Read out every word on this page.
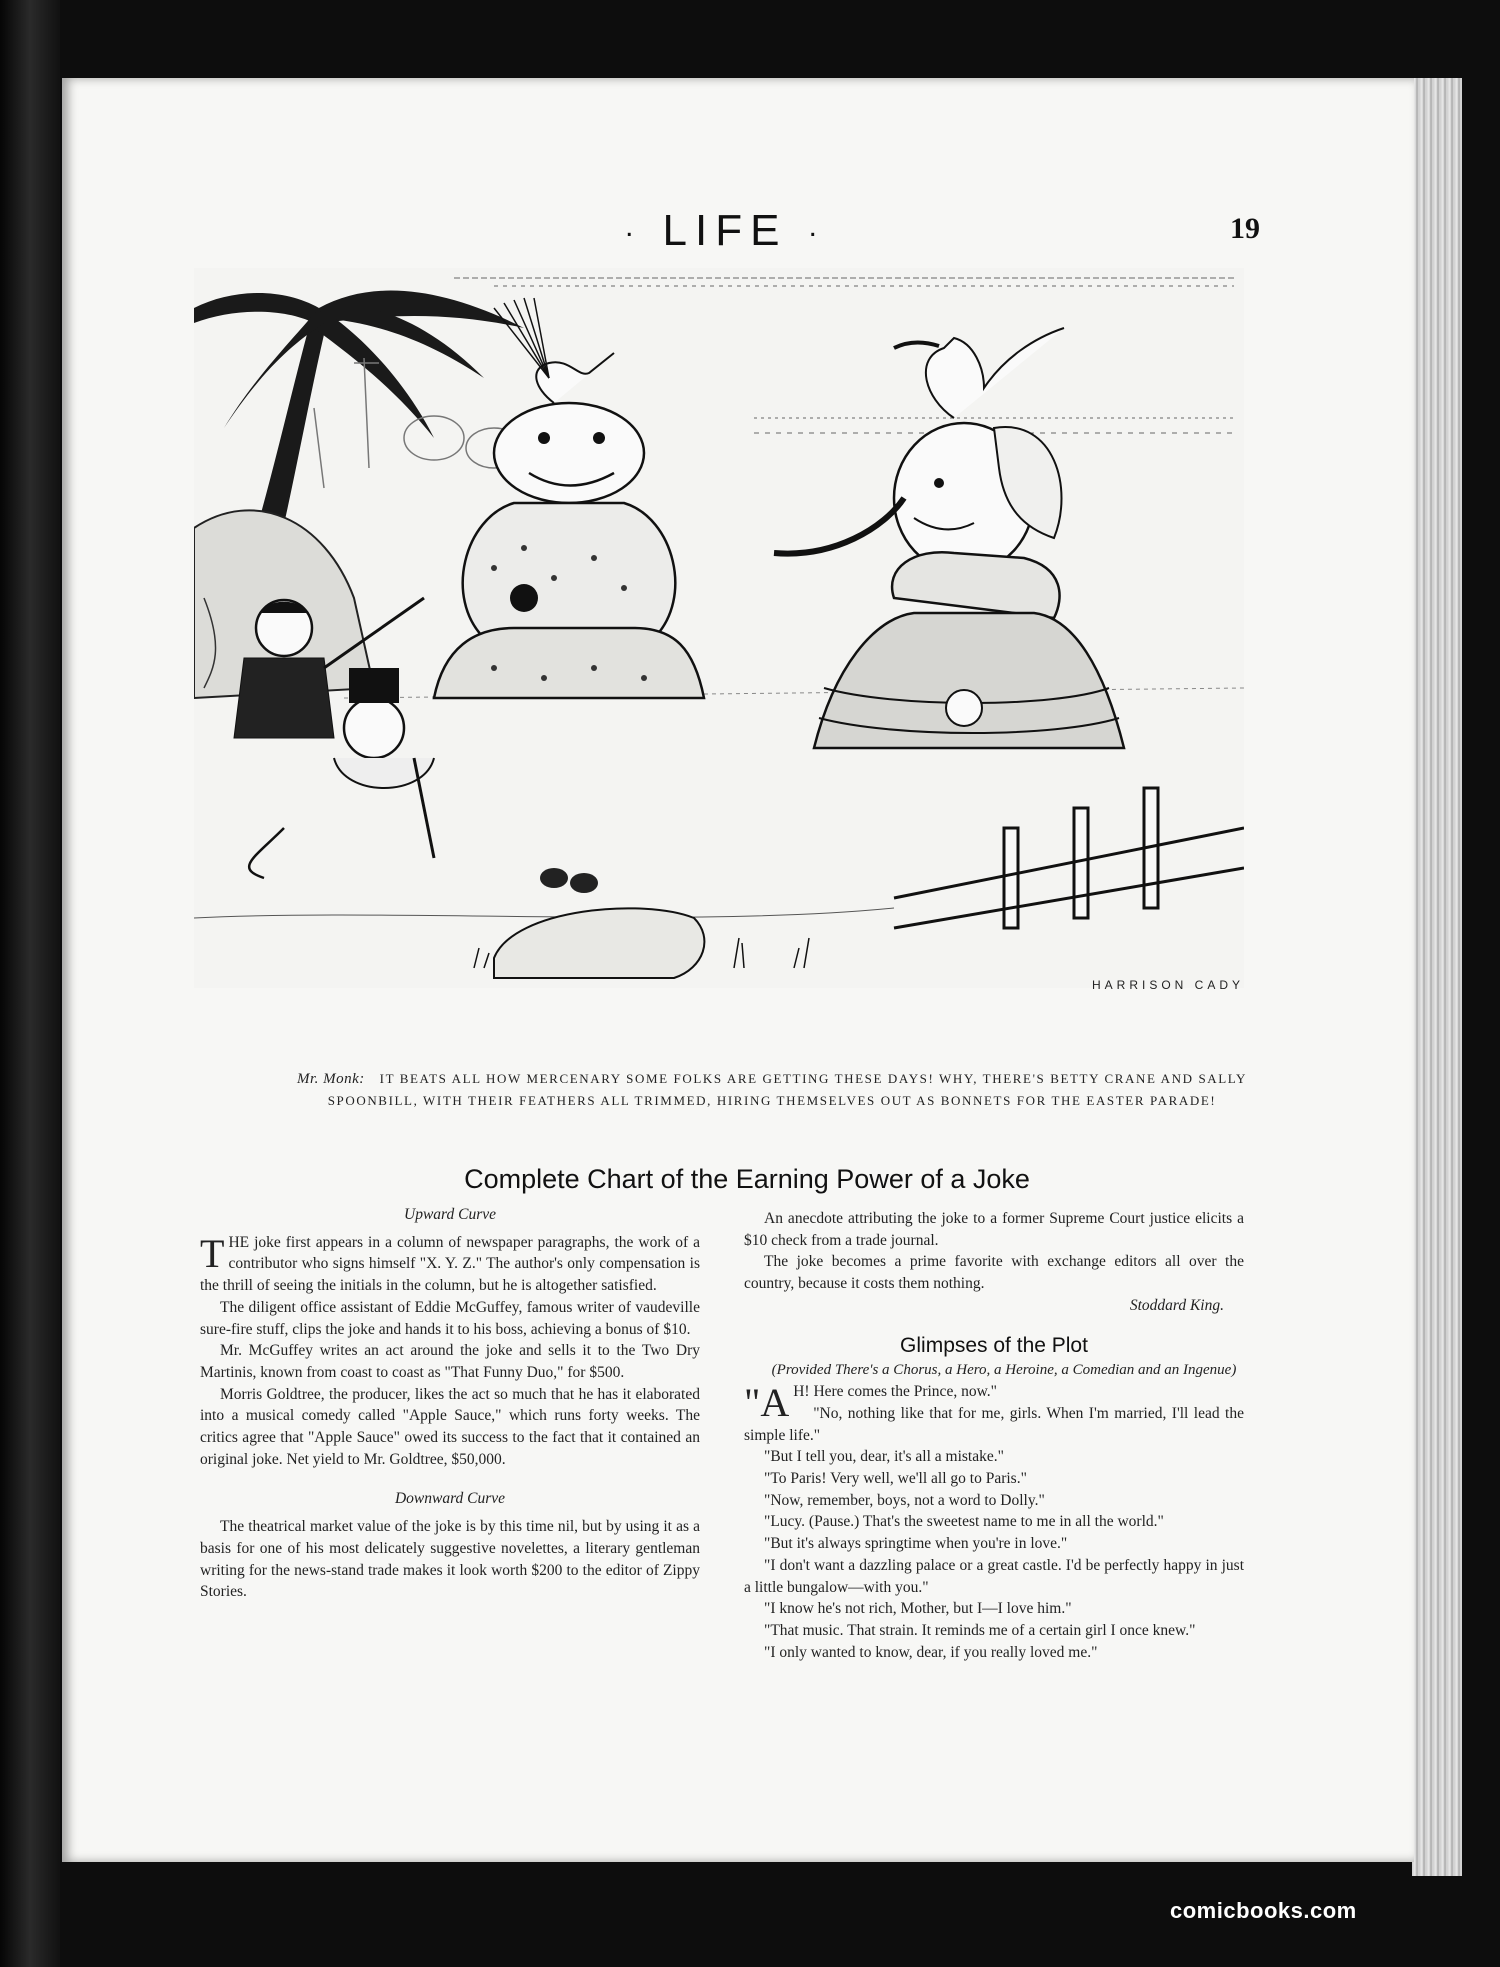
· LIFE ·	19
HARRISON CADY
Mr. Monk: IT BEATS ALL HOW MERCENARY SOME FOLKS ARE GETTING THESE DAYS! WHY, THERE'S BETTY CRANE AND SALLY SPOONBILL, WITH THEIR FEATHERS ALL TRIMMED, HIRING THEMSELVES OUT AS BONNETS FOR THE EASTER PARADE!
Complete Chart of the Earning Power of a Joke

Upward Curve

THE joke first appears in a column of newspaper paragraphs, the work of a contributor who signs himself "X. Y. Z." The author's only compensation is the thrill of seeing the initials in the column, but he is altogether satisfied.

The diligent office assistant of Eddie McGuffey, famous writer of vaudeville sure-fire stuff, clips the joke and hands it to his boss, achieving a bonus of $10.

Mr. McGuffey writes an act around the joke and sells it to the Two Dry Martinis, known from coast to coast as "That Funny Duo," for $500.

Morris Goldtree, the producer, likes the act so much that he has it elaborated into a musical comedy called "Apple Sauce," which runs forty weeks. The critics agree that "Apple Sauce" owed its success to the fact that it contained an original joke. Net yield to Mr. Goldtree, $50,000.

Downward Curve

The theatrical market value of the joke is by this time nil, but by using it as a basis for one of his most delicately suggestive novelettes, a literary gentleman writing for the news-stand trade makes it look worth $200 to the editor of Zippy Stories.

An anecdote attributing the joke to a former Supreme Court justice elicits a $10 check from a trade journal.

The joke becomes a prime favorite with exchange editors all over the country, because it costs them nothing.

Stoddard King.

Glimpses of the Plot

(Provided There's a Chorus, a Hero, a Heroine, a Comedian and an Ingenue)

"A H! Here comes the Prince, now."

"No, nothing like that for me, girls. When I'm married, I'll lead the simple life."

"But I tell you, dear, it's all a mistake."

"To Paris! Very well, we'll all go to Paris."

"Now, remember, boys, not a word to Dolly."

"Lucy. (Pause.) That's the sweetest name to me in all the world."

"But it's always springtime when you're in love."

"I don't want a dazzling palace or a great castle. I'd be perfectly happy in just a little bungalow—with you."

"I know he's not rich, Mother, but I—I love him."

"That music. That strain. It reminds me of a certain girl I once knew."

"I only wanted to know, dear, if you really loved me."

comicbooks.com
